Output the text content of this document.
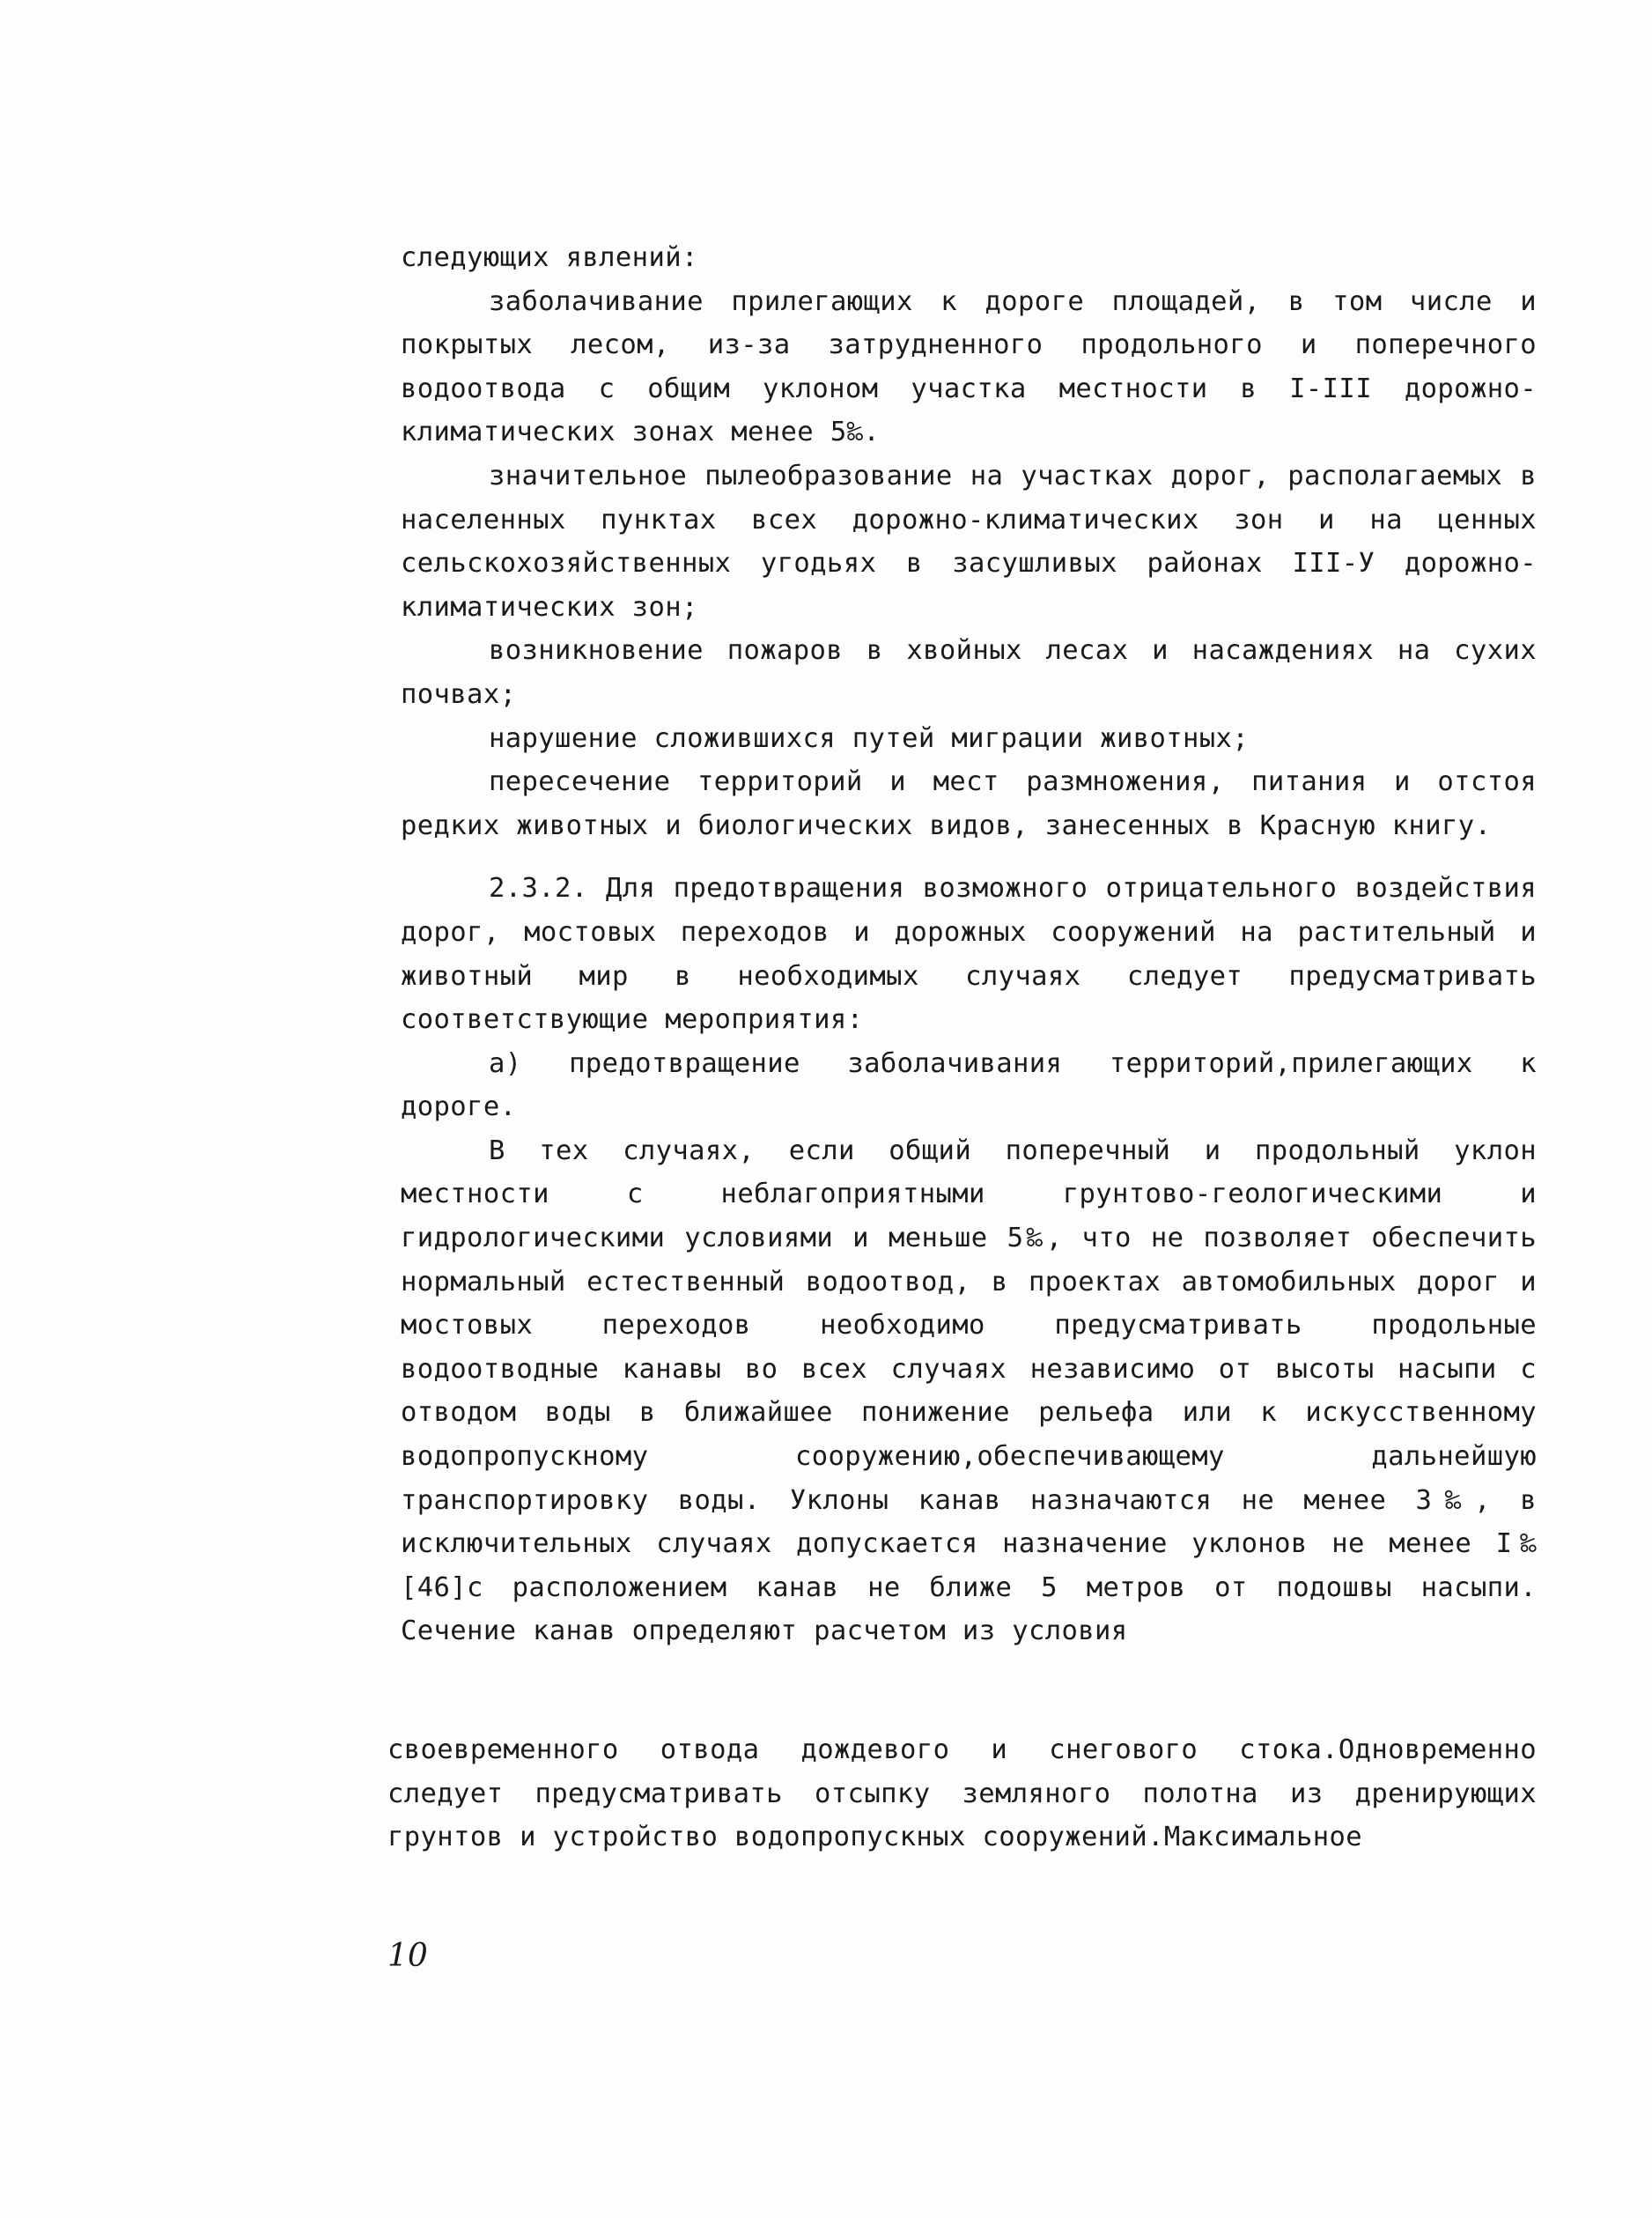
следующих явлений:

заболачивание прилегающих к дороге площадей, в том числе и покрытых лесом, из-за затрудненного продольного и поперечного водоотвода с общим уклоном участка местности в I-III дорожно-климатических зонах менее 5‰.

значительное пылеобразование на участках дорог, располагаемых в населенных пунктах всех дорожно-климатических зон и на ценных сельскохозяйственных угодьях в засушливых районах III-У дорожно-климатических зон;

возникновение пожаров в хвойных лесах и насаждениях на сухих почвах;

нарушение сложившихся путей миграции животных;

пересечение территорий и мест размножения, питания и отстоя редких животных и биологических видов, занесенных в Красную книгу.

2.3.2. Для предотвращения возможного отрицательного воздействия дорог, мостовых переходов и дорожных сооружений на растительный и животный мир в необходимых случаях следует предусматривать соответствующие мероприятия:

а) предотвращение заболачивания территорий,прилегающих к дороге.

В тех случаях, если общий поперечный и продольный уклон местности с неблагоприятными грунтово-геологическими и гидрологическими условиями и меньше 5‰, что не позволяет обеспечить нормальный естественный водоотвод, в проектах автомобильных дорог и мостовых переходов необходимо предусматривать продольные водоотводные канавы во всех случаях независимо от высоты насыпи с отводом воды в ближайшее понижение рельефа или к искусственному водопропускному сооружению,обеспечивающему дальнейшую транспортировку воды. Уклоны канав назначаются не менее 3‰, в исключительных случаях допускается назначение уклонов не менее I‰ [46]с расположением канав не ближе 5 метров от подошвы насыпи. Сечение канав определяют расчетом из условия

своевременного отвода дождевого и снегового стока.Одновременно следует предусматривать отсыпку земляного полотна из дренирующих грунтов и устройство водопропускных сооружений.Максимальное

10
